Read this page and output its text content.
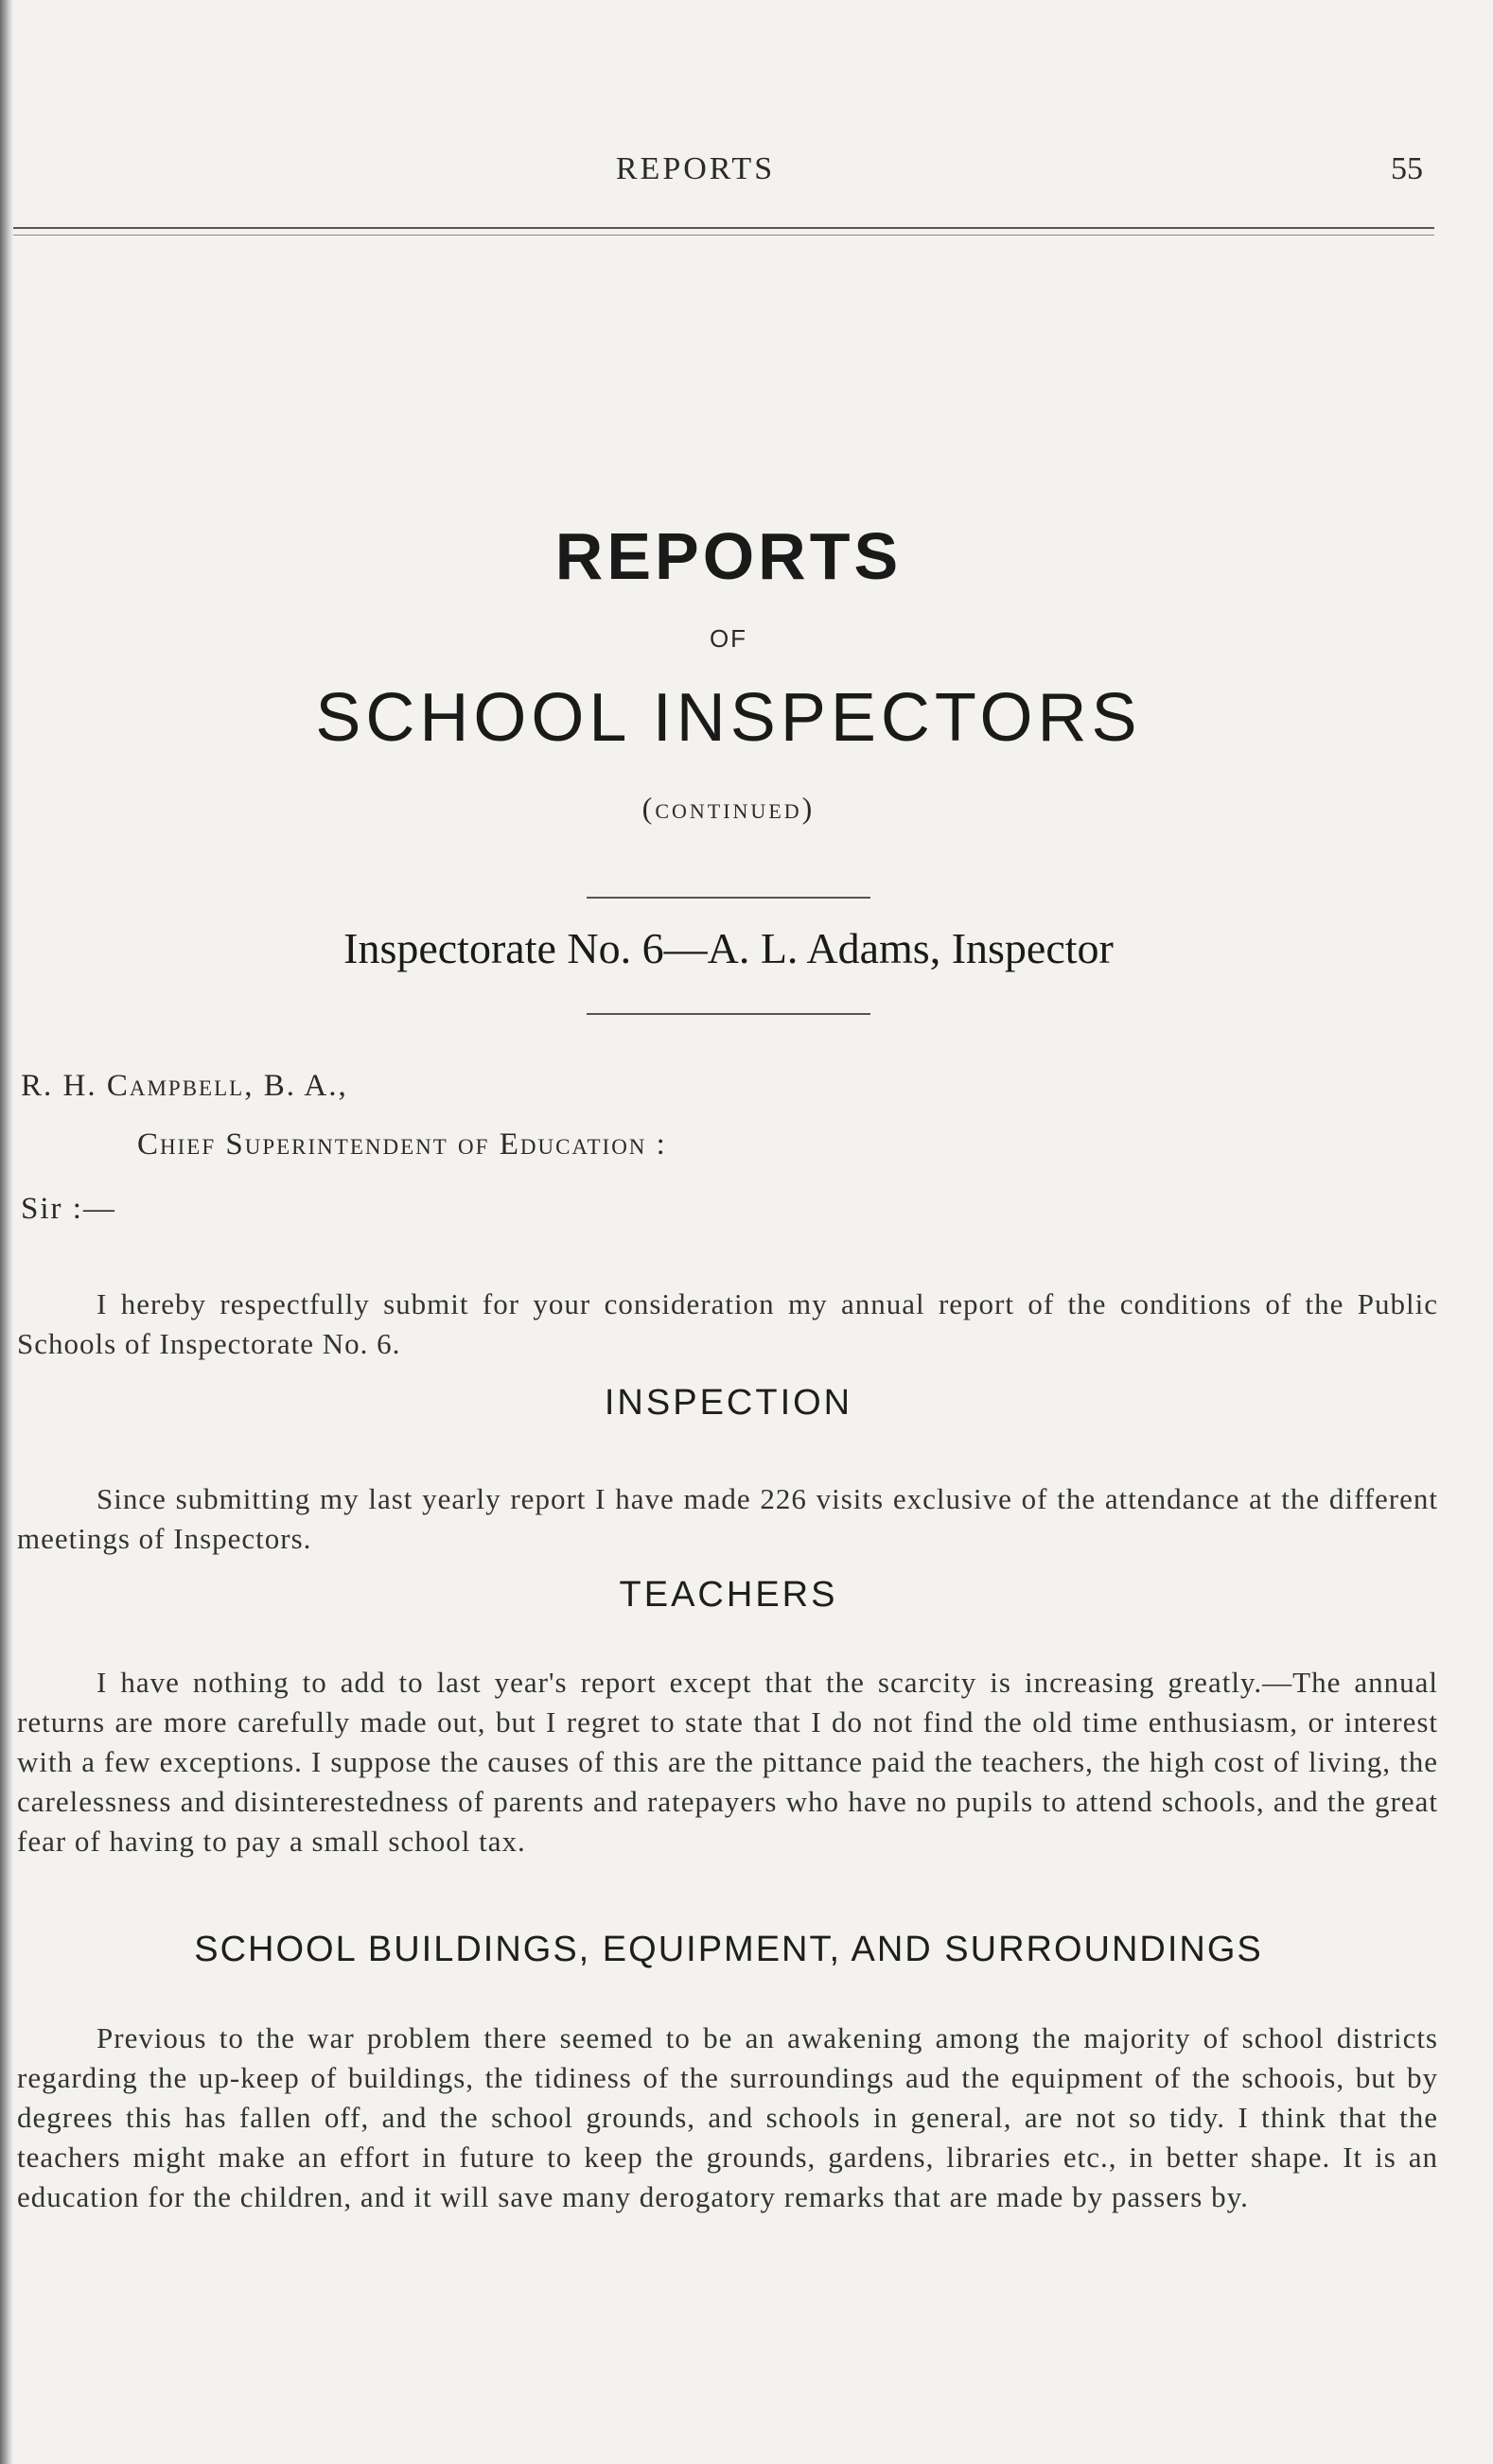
REPORTS	55
REPORTS
OF
SCHOOL INSPECTORS
(continued)
Inspectorate No. 6—A. L. Adams, Inspector
R. H. Campbell, B. A.,
Chief Superintendent of Education :
Sir :—

I hereby respectfully submit for your consideration my annual report of the conditions of the Public Schools of Inspectorate No. 6.

INSPECTION

Since submitting my last yearly report I have made 226 visits exclusive of the attendance at the different meetings of Inspectors.

TEACHERS

I have nothing to add to last year's report except that the scarcity is increasing greatly.—The annual returns are more carefully made out, but I regret to state that I do not find the old time enthusiasm, or interest with a few exceptions. I suppose the causes of this are the pittance paid the teachers, the high cost of living, the carelessness and disinterestedness of parents and ratepayers who have no pupils to attend schools, and the great fear of having to pay a small school tax.

SCHOOL BUILDINGS, EQUIPMENT, AND SURROUNDINGS

Previous to the war problem there seemed to be an awakening among the majority of school districts regarding the up-keep of buildings, the tidiness of the surroundings aud the equipment of the schoois, but by degrees this has fallen off, and the school grounds, and schools in general, are not so tidy. I think that the teachers might make an effort in future to keep the grounds, gardens, libraries etc., in better shape. It is an education for the children, and it will save many derogatory remarks that are made by passers by.
